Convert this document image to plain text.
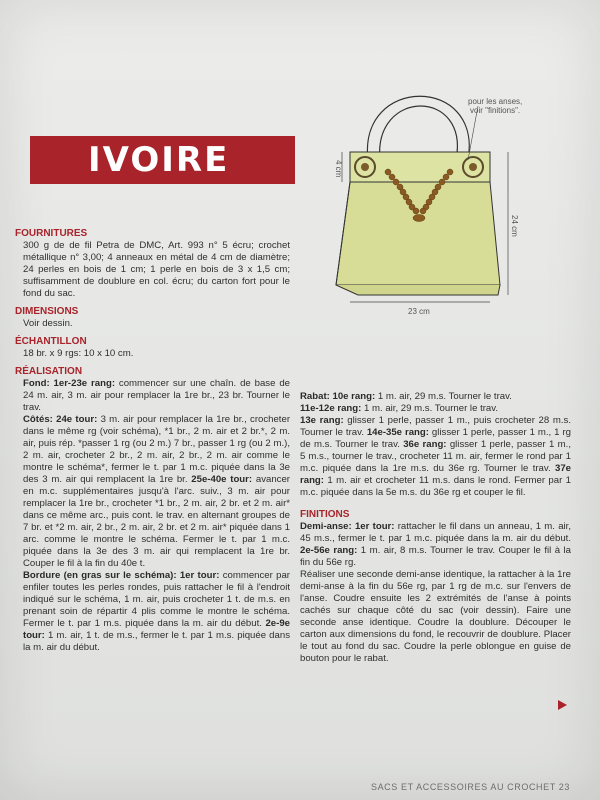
pour les anses,
voir "finitions".
4 cm
24 cm
23 cm
IVOIRE
FOURNITURES

300 g de de fil Petra de DMC, Art. 993 n° 5 écru; crochet métallique n° 3,00; 4 anneaux en métal de 4 cm de diamètre; 24 perles en bois de 1 cm; 1 perle en bois de 3 x 1,5 cm; suffisamment de doublure en col. écru; du carton fort pour le fond du sac.

DIMENSIONS

Voir dessin.

ÉCHANTILLON

18 br. x 9 rgs: 10 x 10 cm.

RÉALISATION

Fond: 1er-23e rang: commencer sur une chaîn. de base de 24 m. air, 3 m. air pour remplacer la 1re br., 23 br. Tourner le trav.

Côtés: 24e tour: 3 m. air pour remplacer la 1re br., crocheter dans le même rg (voir schéma), *1 br., 2 m. air et 2 br.*, 2 m. air, puis rép. *passer 1 rg (ou 2 m.) 7 br., passer 1 rg (ou 2 m.), 2 m. air, crocheter 2 br., 2 m. air, 2 br., 2 m. air comme le montre le schéma*, fermer le t. par 1 m.c. piquée dans la 3e des 3 m. air qui remplacent la 1re br. 25e-40e tour: avancer en m.c. supplémentaires jusqu'à l'arc. suiv., 3 m. air pour remplacer la 1re br., crocheter *1 br., 2 m. air, 2 br. et 2 m. air* dans ce même arc., puis cont. le trav. en alternant groupes de 7 br. et *2 m. air, 2 br., 2 m. air, 2 br. et 2 m. air* piquée dans 1 arc. comme le montre le schéma. Fermer le t. par 1 m.c. piquée dans la 3e des 3 m. air qui remplacent la 1re br. Couper le fil à la fin du 40e t.

Bordure (en gras sur le schéma): 1er tour: commencer par enfiler toutes les perles rondes, puis rattacher le fil à l'endroit indiqué sur le schéma, 1 m. air, puis crocheter 1 t. de m.s. en prenant soin de répartir 4 plis comme le montre le schéma. Fermer le t. par 1 m.s. piquée dans la m. air du début. 2e-9e tour: 1 m. air, 1 t. de m.s., fermer le t. par 1 m.s. piquée dans la m. air du début.

Rabat: 10e rang: 1 m. air, 29 m.s. Tourner le trav.
11e-12e rang: 1 m. air, 29 m.s. Tourner le trav.
13e rang: glisser 1 perle, passer 1 m., puis crocheter 28 m.s. Tourner le trav. 14e-35e rang: glisser 1 perle, passer 1 m., 1 rg de m.s. Tourner le trav. 36e rang: glisser 1 perle, passer 1 m., 5 m.s., tourner le trav., crocheter 11 m. air, fermer le rond par 1 m.c. piquée dans la 1re m.s. du 36e rg. Tourner le trav. 37e rang: 1 m. air et crocheter 11 m.s. dans le rond. Fermer par 1 m.c. piquée dans la 5e m.s. du 36e rg et couper le fil.

FINITIONS

Demi-anse: 1er tour: rattacher le fil dans un anneau, 1 m. air, 45 m.s., fermer le t. par 1 m.c. piquée dans la m. air du début. 2e-56e rang: 1 m. air, 8 m.s. Tourner le trav. Couper le fil à la fin du 56e rg.

Réaliser une seconde demi-anse identique, la rattacher à la 1re demi-anse à la fin du 56e rg, par 1 rg de m.c. sur l'envers de l'anse. Coudre ensuite les 2 extrémités de l'anse à points cachés sur chaque côté du sac (voir dessin). Faire une seconde anse identique. Coudre la doublure. Découper le carton aux dimensions du fond, le recouvrir de doublure. Placer le tout au fond du sac. Coudre la perle oblongue en guise de bouton pour le rabat.

SACS ET ACCESSOIRES AU CROCHET 23
